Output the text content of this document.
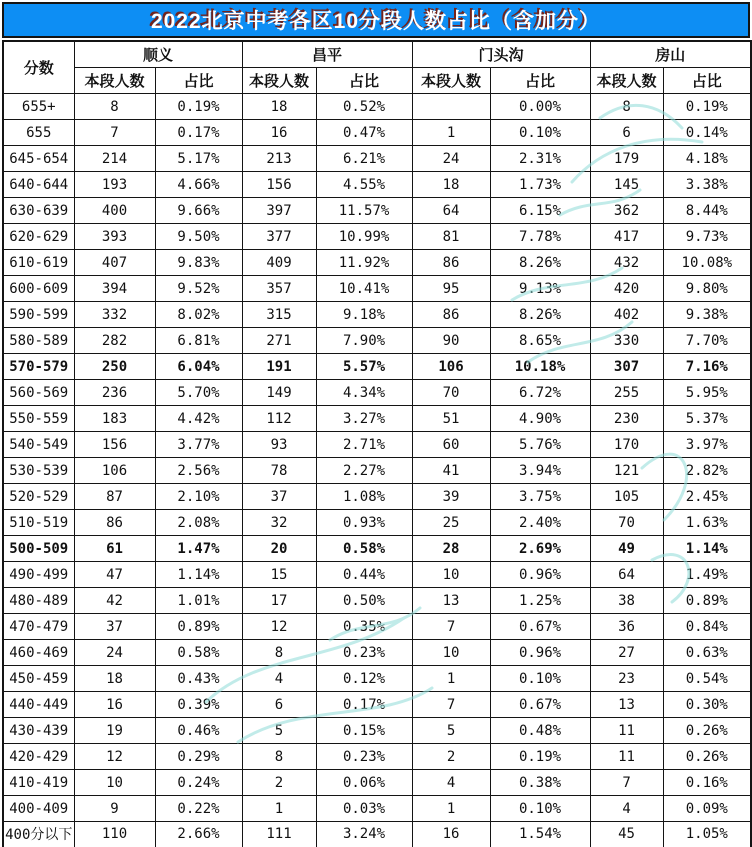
2022北京中考各区10分段人数占比（含加分）
分数	顺义		昌平		门头沟		房山	
	本段人数	占比	本段人数	占比	本段人数	占比	本段人数	占比
655+	8	0.19%	18	0.52%		0.00%	8	0.19%
655	7	0.17%	16	0.47%	1	0.10%	6	0.14%
645-654	214	5.17%	213	6.21%	24	2.31%	179	4.18%
640-644	193	4.66%	156	4.55%	18	1.73%	145	3.38%
630-639	400	9.66%	397	11.57%	64	6.15%	362	8.44%
620-629	393	9.50%	377	10.99%	81	7.78%	417	9.73%
610-619	407	9.83%	409	11.92%	86	8.26%	432	10.08%
600-609	394	9.52%	357	10.41%	95	9.13%	420	9.80%
590-599	332	8.02%	315	9.18%	86	8.26%	402	9.38%
580-589	282	6.81%	271	7.90%	90	8.65%	330	7.70%
570-579	250	6.04%	191	5.57%	106	10.18%	307	7.16%
560-569	236	5.70%	149	4.34%	70	6.72%	255	5.95%
550-559	183	4.42%	112	3.27%	51	4.90%	230	5.37%
540-549	156	3.77%	93	2.71%	60	5.76%	170	3.97%
530-539	106	2.56%	78	2.27%	41	3.94%	121	2.82%
520-529	87	2.10%	37	1.08%	39	3.75%	105	2.45%
510-519	86	2.08%	32	0.93%	25	2.40%	70	1.63%
500-509	61	1.47%	20	0.58%	28	2.69%	49	1.14%
490-499	47	1.14%	15	0.44%	10	0.96%	64	1.49%
480-489	42	1.01%	17	0.50%	13	1.25%	38	0.89%
470-479	37	0.89%	12	0.35%	7	0.67%	36	0.84%
460-469	24	0.58%	8	0.23%	10	0.96%	27	0.63%
450-459	18	0.43%	4	0.12%	1	0.10%	23	0.54%
440-449	16	0.39%	6	0.17%	7	0.67%	13	0.30%
430-439	19	0.46%	5	0.15%	5	0.48%	11	0.26%
420-429	12	0.29%	8	0.23%	2	0.19%	11	0.26%
410-419	10	0.24%	2	0.06%	4	0.38%	7	0.16%
400-409	9	0.22%	1	0.03%	1	0.10%	4	0.09%
400分以下	110	2.66%	111	3.24%	16	1.54%	45	1.05%
